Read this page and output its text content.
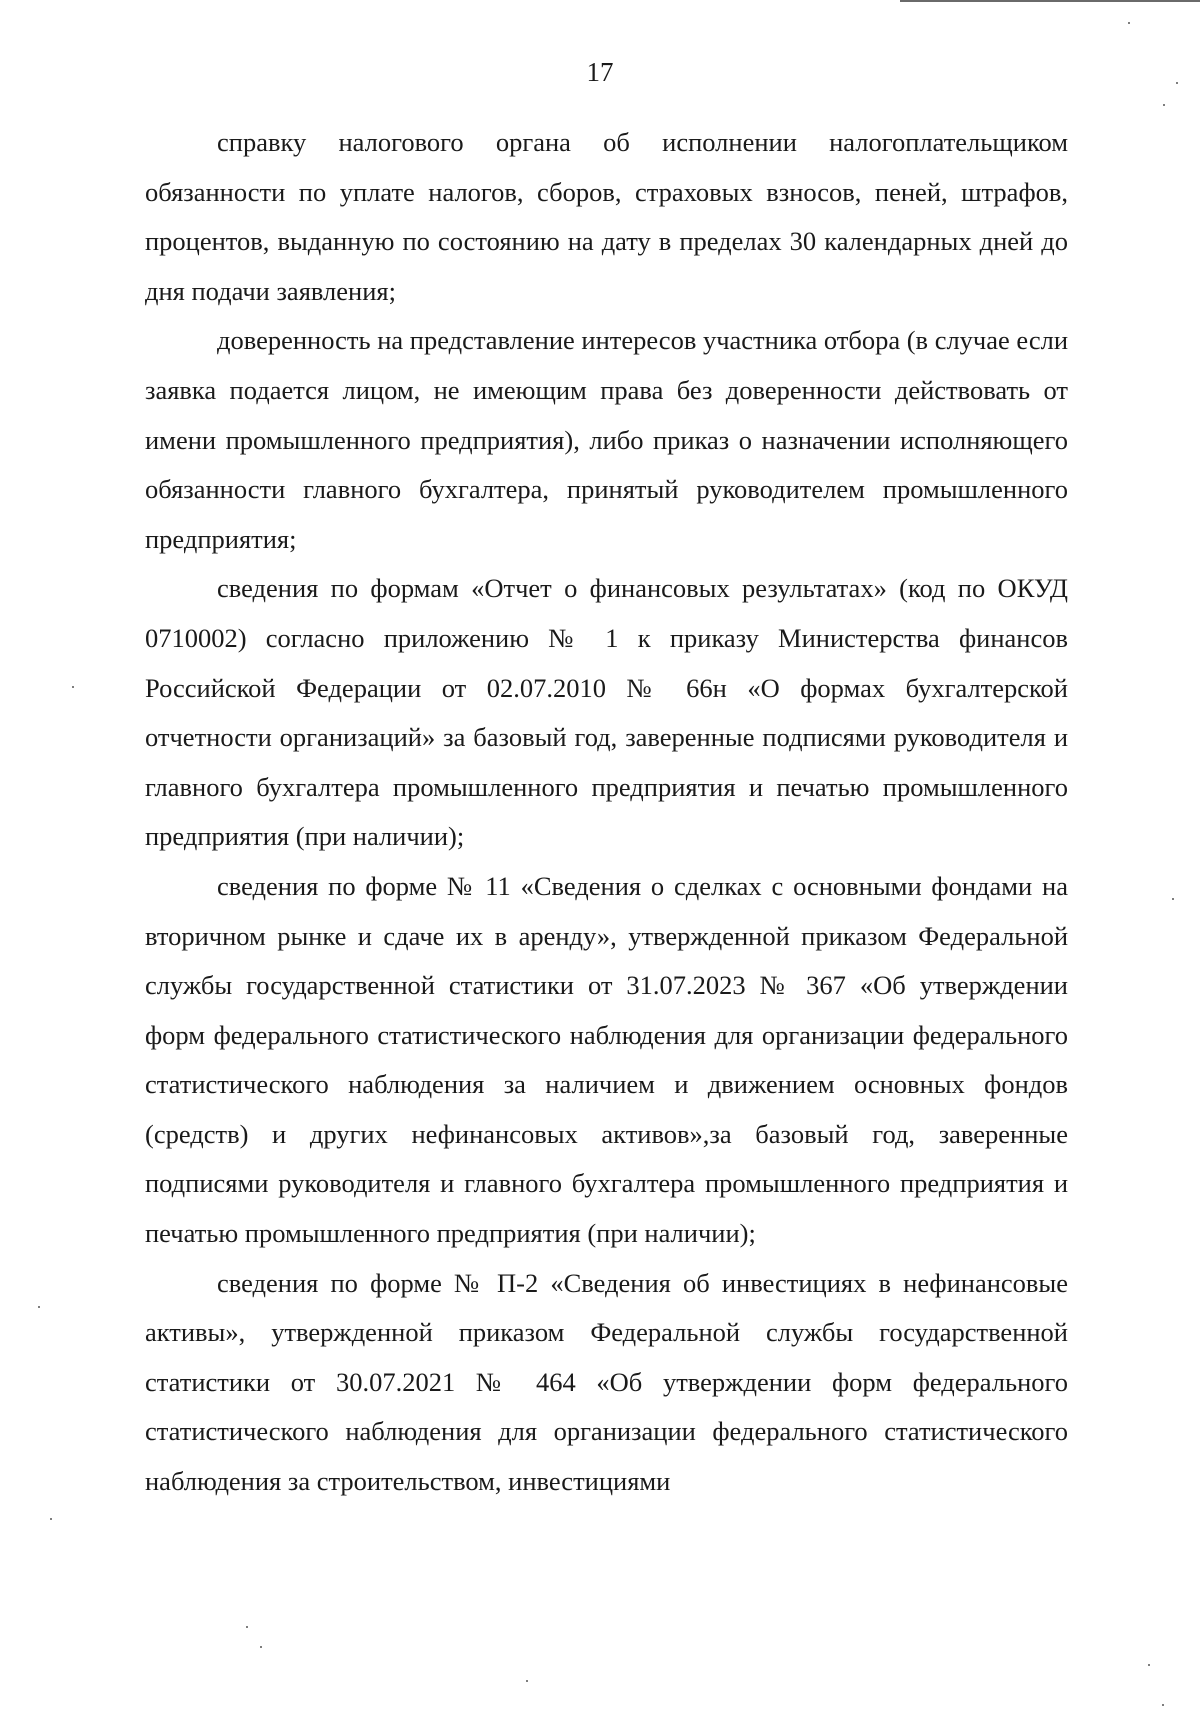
17

справку налогового органа об исполнении налогоплательщиком обязанности по уплате налогов, сборов, страховых взносов, пеней, штрафов, процентов, выданную по состоянию на дату в пределах 30 календарных дней до дня подачи заявления;

доверенность на представление интересов участника отбора (в случае если заявка подается лицом, не имеющим права без доверенности действовать от имени промышленного предприятия), либо приказ о назначении исполняющего обязанности главного бухгалтера, принятый руководителем промышленного предприятия;

сведения по формам «Отчет о финансовых результатах» (код по ОКУД 0710002) согласно приложению № 1 к приказу Министерства финансов Российской Федерации от 02.07.2010 № 66н «О формах бухгалтерской отчетности организаций» за базовый год, заверенные подписями руководителя и главного бухгалтера промышленного предприятия и печатью промышленного предприятия (при наличии);

сведения по форме № 11 «Сведения о сделках с основными фондами на вторичном рынке и сдаче их в аренду», утвержденной приказом Федеральной службы государственной статистики от 31.07.2023 № 367 «Об утверждении форм федерального статистического наблюдения для организации федерального статистического наблюдения за наличием и движением основных фондов (средств) и других нефинансовых активов»,за базовый год, заверенные подписями руководителя и главного бухгалтера промышленного предприятия и печатью промышленного предприятия (при наличии);

сведения по форме № П-2 «Сведения об инвестициях в нефинансовые активы», утвержденной приказом Федеральной службы государственной статистики от 30.07.2021 № 464 «Об утверждении форм федерального статистического наблюдения для организации федерального статистического наблюдения за строительством, инвестициями
